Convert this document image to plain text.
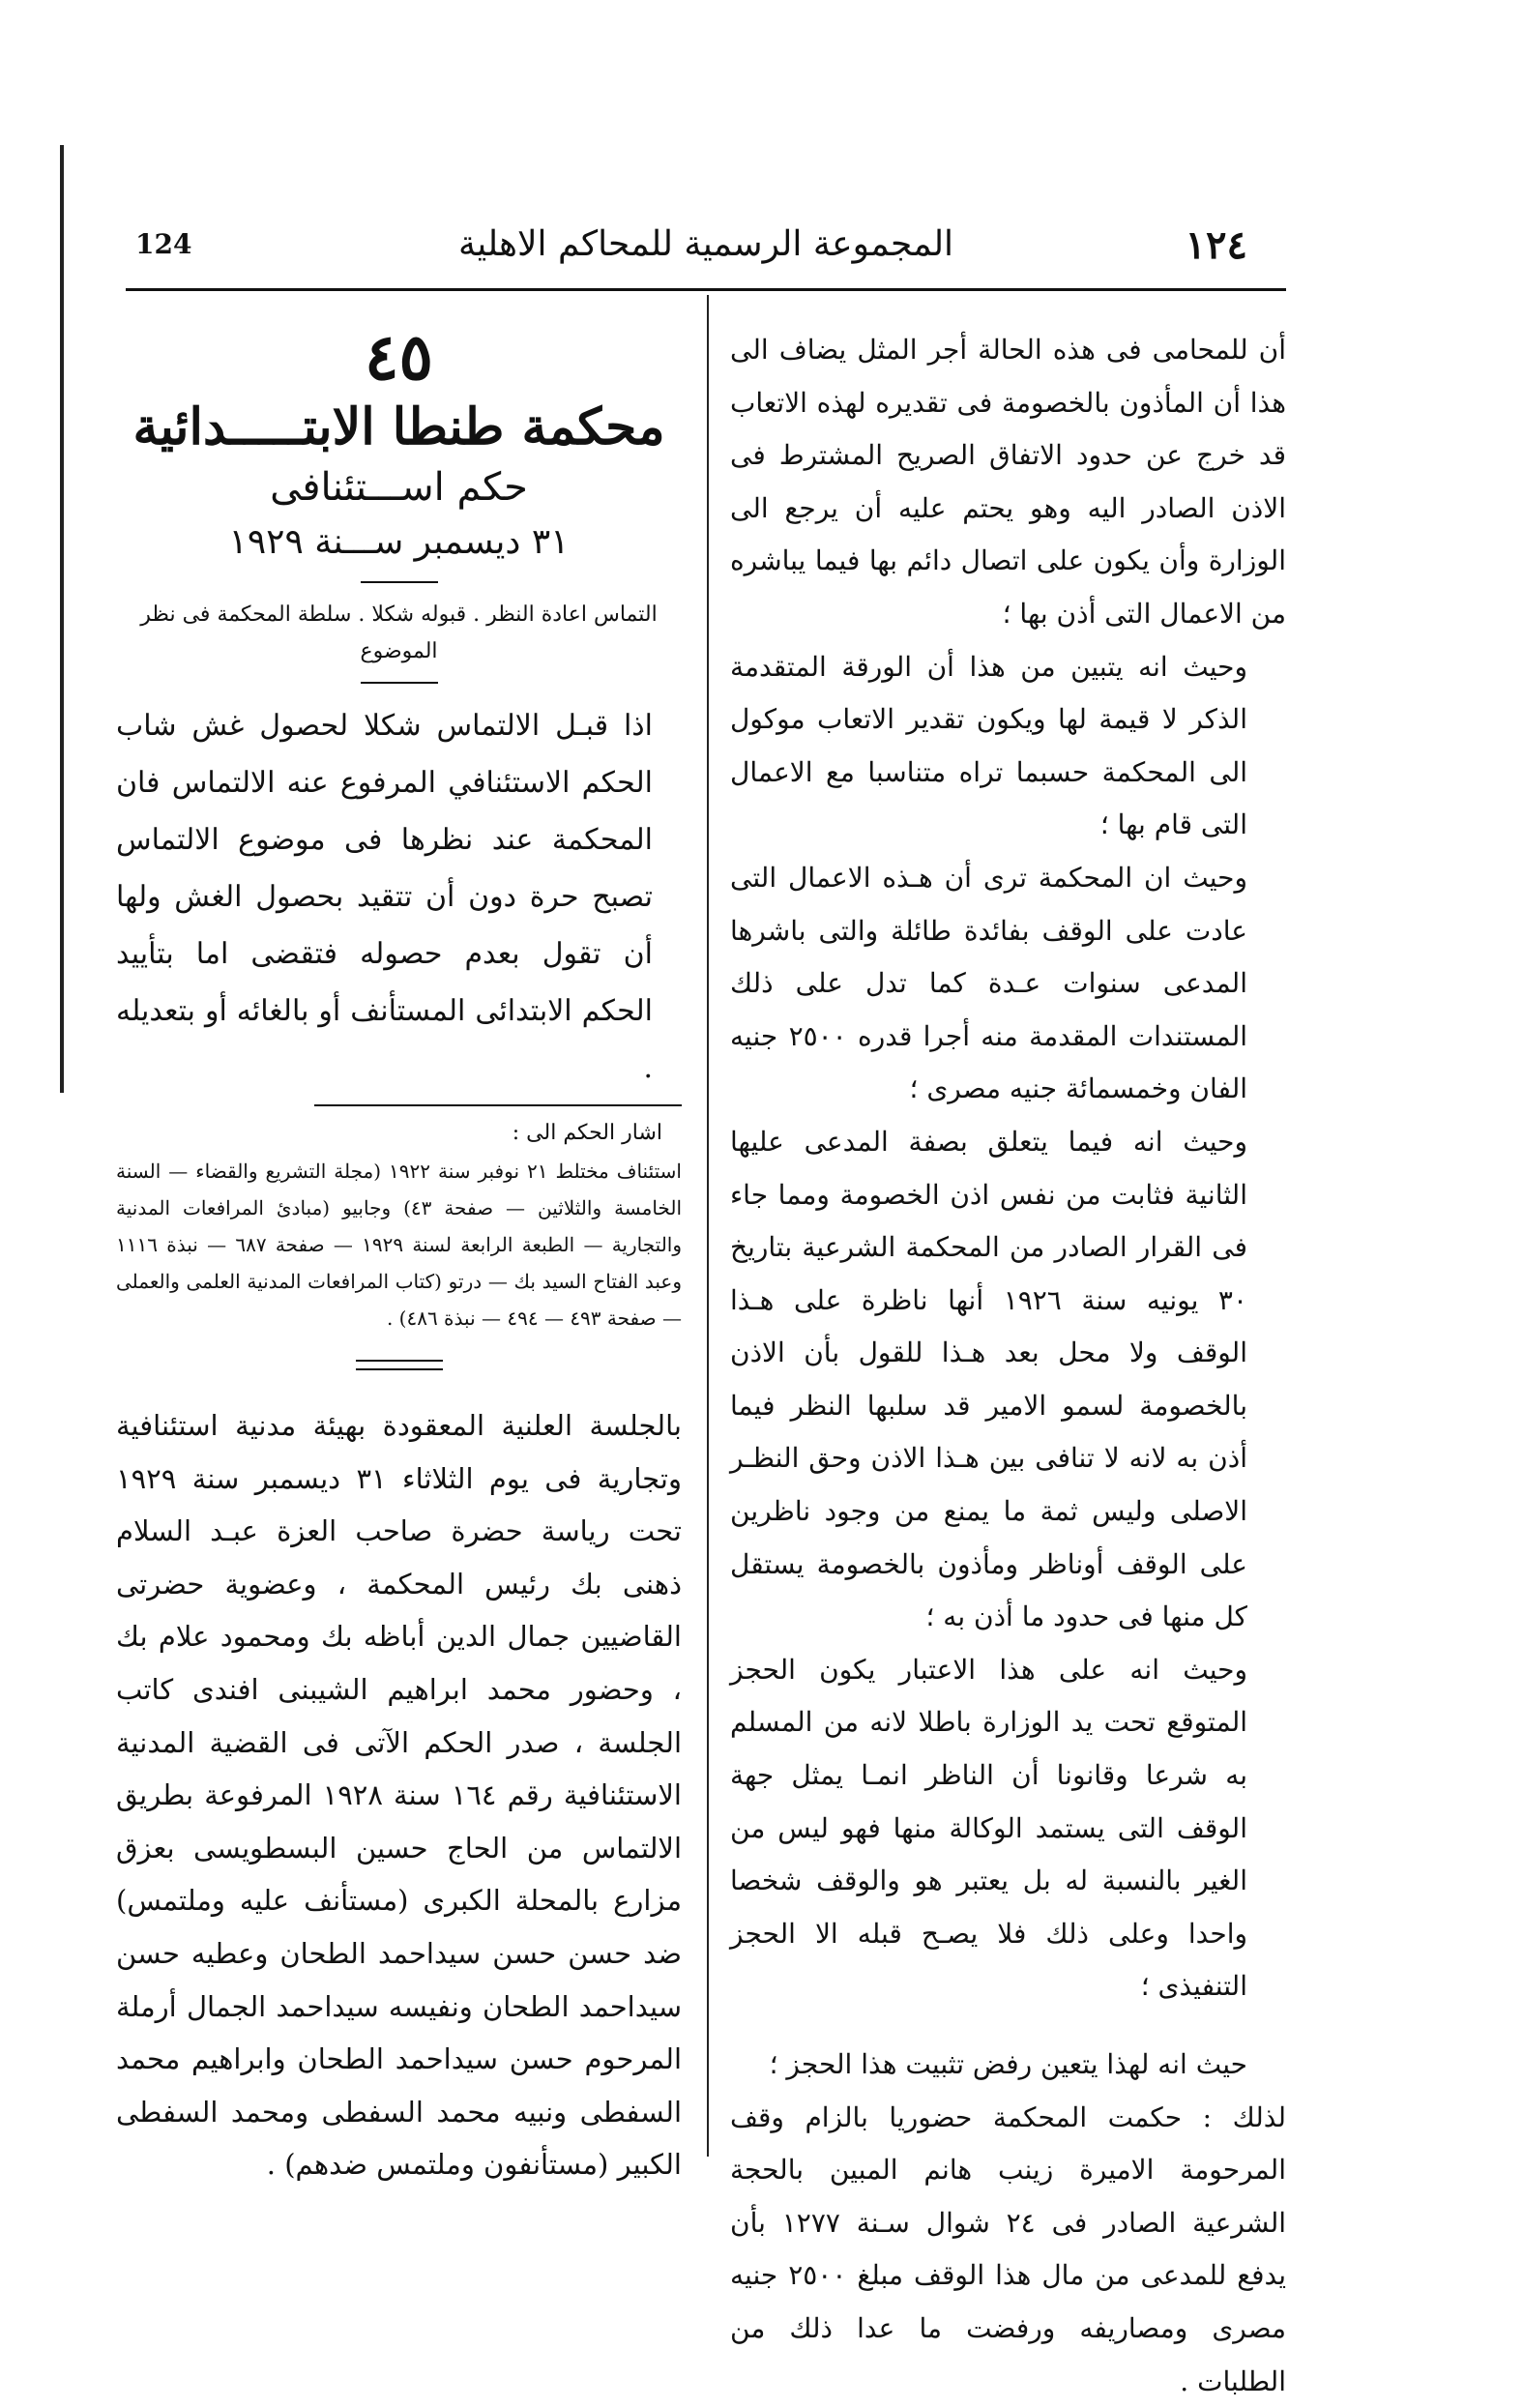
124	المجموعة الرسمية للمحاكم الاهلية	١٢٤

أن للمحامى فى هذه الحالة أجر المثل يضاف الى هذا أن المأذون بالخصومة فى تقديره لهذه الاتعاب قد خرج عن حدود الاتفاق الصريح المشترط فى الاذن الصادر اليه وهو يحتم عليه أن يرجع الى الوزارة وأن يكون على اتصال دائم بها فيما يباشره من الاعمال التى أذن بها ؛

وحيث انه يتبين من هذا أن الورقة المتقدمة الذكر لا قيمة لها ويكون تقدير الاتعاب موكول الى المحكمة حسبما تراه متناسبا مع الاعمال التى قام بها ؛

وحيث ان المحكمة ترى أن هـذه الاعمال التى عادت على الوقف بفائدة طائلة والتى باشرها المدعى سنوات عـدة كما تدل على ذلك المستندات المقدمة منه أجرا قدره ٢٥٠٠ جنيه الفان وخمسمائة جنيه مصرى ؛

وحيث انه فيما يتعلق بصفة المدعى عليها الثانية فثابت من نفس اذن الخصومة ومما جاء فى القرار الصادر من المحكمة الشرعية بتاريخ ٣٠ يونيه سنة ١٩٢٦ أنها ناظرة على هـذا الوقف ولا محل بعد هـذا للقول بأن الاذن بالخصومة لسمو الامير قد سلبها النظر فيما أذن به لانه لا تنافى بين هـذا الاذن وحق النظـر الاصلى وليس ثمة ما يمنع من وجود ناظرين على الوقف أوناظر ومأذون بالخصومة يستقل كل منها فى حدود ما أذن به ؛

وحيث انه على هذا الاعتبار يكون الحجز المتوقع تحت يد الوزارة باطلا لانه من المسلم به شرعا وقانونا أن الناظر انمـا يمثل جهة الوقف التى يستمد الوكالة منها فهو ليس من الغير بالنسبة له بل يعتبر هو والوقف شخصا واحدا وعلى ذلك فلا يصـح قبله الا الحجز التنفيذى ؛

حيث انه لهذا يتعين رفض تثبيت هذا الحجز ؛

لذلك : حكمت المحكمة حضوريا بالزام وقف المرحومة الاميرة زينب هانم المبين بالحجة الشرعية الصادر فى ٢٤ شوال سـنة ١٢٧٧ بأن يدفع للمدعى من مال هذا الوقف مبلغ ٢٥٠٠ جنيه مصرى ومصاريفه ورفضت ما عدا ذلك من الطلبات .

٤٥
محكمة طنطا الابتـــــدائية
حكم اســـتئنافى
٣١ ديسمبر ســـنة ١٩٢٩
التماس اعادة النظر . قبوله شكلا . سلطة المحكمة فى نظر الموضوع

اذا قبـل الالتماس شكلا لحصول غش شاب الحكم الاستئنافي المرفوع عنه الالتماس فان المحكمة عند نظرها فى موضوع الالتماس تصبح حرة دون أن تتقيد بحصول الغش ولها أن تقول بعدم حصوله فتقضى اما بتأييد الحكم الابتدائى المستأنف أو بالغائه أو بتعديله .

اشار الحكم الى :

استئناف مختلط ٢١ نوفبر سنة ١٩٢٢ (مجلة التشريع والقضاء — السنة الخامسة والثلاثين — صفحة ٤٣) وجابيو (مبادئ المرافعات المدنية والتجارية — الطبعة الرابعة لسنة ١٩٢٩ — صفحة ٦٨٧ — نبذة ١١١٦ وعبد الفتاح السيد بك — درتو (كتاب المرافعات المدنية العلمى والعملى — صفحة ٤٩٣ — ٤٩٤ — نبذة ٤٨٦) .

بالجلسة العلنية المعقودة بهيئة مدنية استئنافية وتجارية فى يوم الثلاثاء ٣١ ديسمبر سنة ١٩٢٩ تحت رياسة حضرة صاحب العزة عبـد السلام ذهنى بك رئيس المحكمة ، وعضوية حضرتى القاضيين جمال الدين أباظه بك ومحمود علام بك ، وحضور محمد ابراهيم الشيبنى افندى كاتب الجلسة ، صدر الحكم الآتى فى القضية المدنية الاستئنافية رقم ١٦٤ سنة ١٩٢٨ المرفوعة بطريق الالتماس من الحاج حسين البسطويسى بعزق مزارع بالمحلة الكبرى (مستأنف عليه وملتمس) ضد حسن حسن سيداحمد الطحان وعطيه حسن سيداحمد الطحان ونفيسه سيداحمد الجمال أرملة المرحوم حسن سيداحمد الطحان وابراهيم محمد السفطى ونبيه محمد السفطى ومحمد السفطى الكبير (مستأنفون وملتمس ضدهم) .
